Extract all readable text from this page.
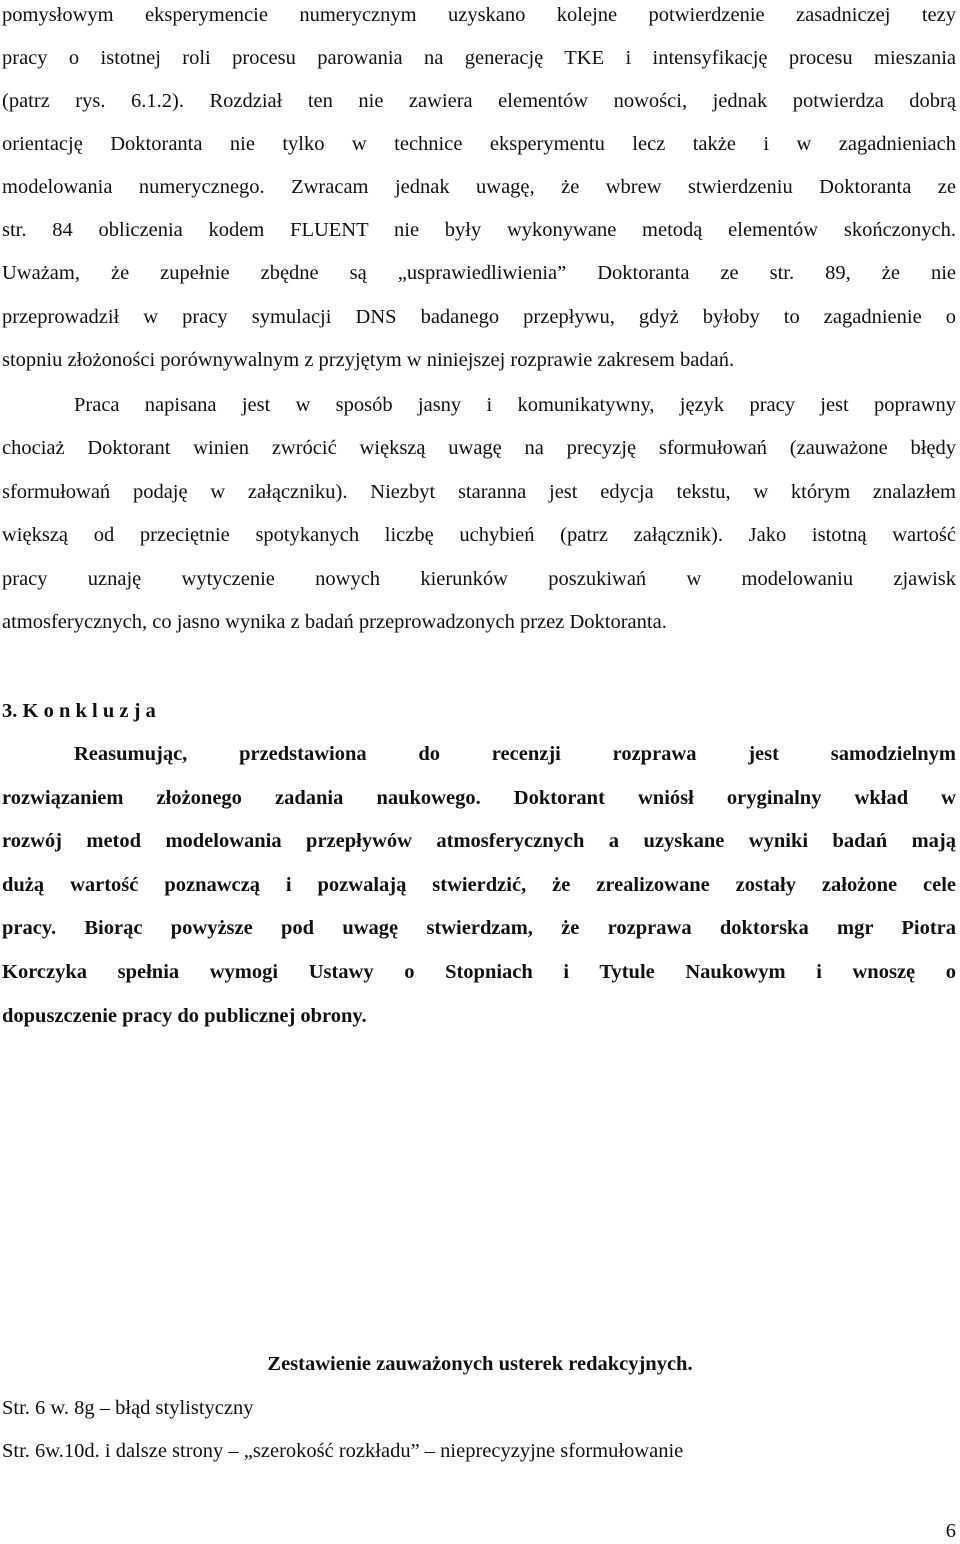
pomysłowym eksperymencie numerycznym uzyskano kolejne potwierdzenie zasadniczej tezy

pracy o istotnej roli procesu parowania na generację TKE i intensyfikację procesu mieszania

(patrz rys. 6.1.2). Rozdział ten nie zawiera elementów nowości, jednak potwierdza dobrą

orientację Doktoranta nie tylko w technice eksperymentu lecz także i w zagadnieniach

modelowania numerycznego. Zwracam jednak uwagę, że wbrew stwierdzeniu Doktoranta ze

str. 84 obliczenia kodem FLUENT nie były wykonywane metodą elementów skończonych.

Uważam, że zupełnie zbędne są „usprawiedliwienia” Doktoranta ze str. 89, że nie

przeprowadził w pracy symulacji DNS badanego przepływu, gdyż byłoby to zagadnienie o

stopniu złożoności porównywalnym z przyjętym w niniejszej rozprawie zakresem badań.

Praca napisana jest w sposób jasny i komunikatywny, język pracy jest poprawny

chociaż Doktorant winien zwrócić większą uwagę na precyzję sformułowań (zauważone błędy

sformułowań podaję w załączniku). Niezbyt staranna jest edycja tekstu, w którym znalazłem

większą od przeciętnie spotykanych liczbę uchybień (patrz załącznik). Jako istotną wartość

pracy uznaję wytyczenie nowych kierunków poszukiwań w modelowaniu zjawisk

atmosferycznych, co jasno wynika z badań przeprowadzonych przez Doktoranta.

3. K o n k l u z j a

Reasumując, przedstawiona do recenzji rozprawa jest samodzielnym

rozwiązaniem złożonego zadania naukowego. Doktorant wniósł oryginalny wkład w

rozwój metod modelowania przepływów atmosferycznych a uzyskane wyniki badań mają

dużą wartość poznawczą i pozwalają stwierdzić, że zrealizowane zostały założone cele

pracy. Biorąc powyższe pod uwagę stwierdzam, że rozprawa doktorska mgr Piotra

Korczyka spełnia wymogi Ustawy o Stopniach i Tytule Naukowym i wnoszę o

dopuszczenie pracy do publicznej obrony.

Zestawienie zauważonych usterek redakcyjnych.

Str. 6 w. 8g – błąd stylistyczny

Str. 6w.10d. i dalsze strony – „szerokość rozkładu” – nieprecyzyjne sformułowanie

6
